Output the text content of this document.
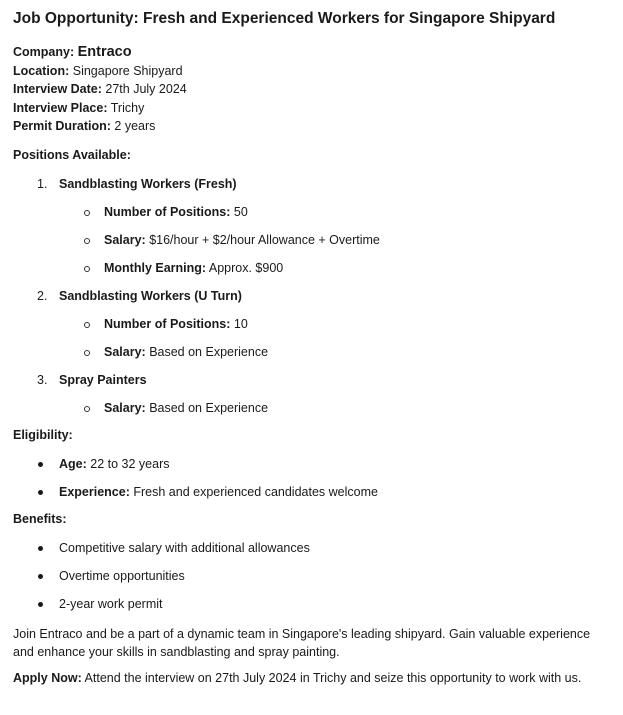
Job Opportunity: Fresh and Experienced Workers for Singapore Shipyard
Company: Entraco
Location: Singapore Shipyard
Interview Date: 27th July 2024
Interview Place: Trichy
Permit Duration: 2 years
Positions Available:
1. Sandblasting Workers (Fresh)
Number of Positions: 50
Salary: $16/hour + $2/hour Allowance + Overtime
Monthly Earning: Approx. $900
2. Sandblasting Workers (U Turn)
Number of Positions: 10
Salary: Based on Experience
3. Spray Painters
Salary: Based on Experience
Eligibility:
Age: 22 to 32 years
Experience: Fresh and experienced candidates welcome
Benefits:
Competitive salary with additional allowances
Overtime opportunities
2-year work permit

Join Entraco and be a part of a dynamic team in Singapore's leading shipyard. Gain valuable experience and enhance your skills in sandblasting and spray painting.

Apply Now: Attend the interview on 27th July 2024 in Trichy and seize this opportunity to work with us.
